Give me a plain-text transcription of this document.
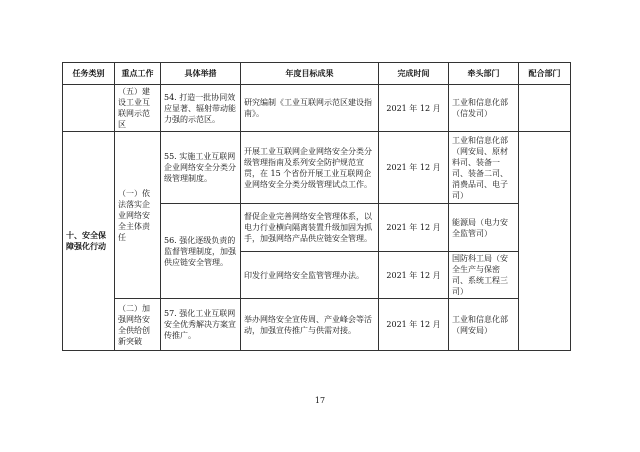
任务类别	重点工作	具体举措	年度目标成果	完成时间	牵头部门	配合部门
	（五）建设工业互联网示范区	54. 打造一批协同效应显著、辐射带动能力强的示范区。	研究编制《工业互联网示范区建设指南》。	2021 年 12 月	工业和信息化部（信发司）	
十、安全保障强化行动	（一）依法落实企业网络安全主体责任	55. 实施工业互联网企业网络安全分类分级管理制度。	开展工业互联网企业网络安全分类分级管理指南及系列安全防护规范宣贯，在 15 个省份开展工业互联网企业网络安全分类分级管理试点工作。	2021 年 12 月	工业和信息化部（网安局、原材料司、装备一司、装备二司、消费品司、电子司）	
		56. 强化逐级负责的监督管理制度，加强供应链安全管理。	督促企业完善网络安全管理体系，以电力行业横向隔离装置升级加固为抓手，加强网络产品供应链安全管理。	2021 年 12 月	能源局（电力安全监管司）	
			印发行业网络安全监管管理办法。	2021 年 12 月	国防科工局（安全生产与保密司、系统工程三司）	
	（二）加强网络安全供给创新突破	57. 强化工业互联网安全优秀解决方案宣传推广。	举办网络安全宣传周、产业峰会等活动，加强宣传推广与供需对接。	2021 年 12 月	工业和信息化部（网安局）	
17
